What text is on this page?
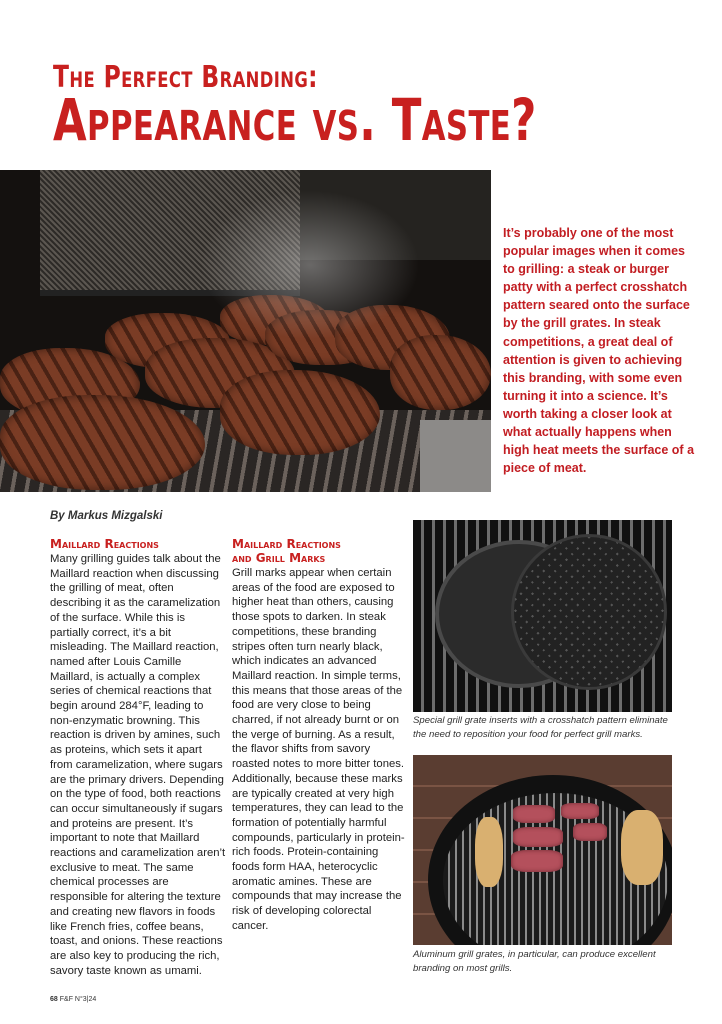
The Perfect Branding:
Appearance vs. Taste?

It’s probably one of the most popular images when it comes to grilling: a steak or burger patty with a perfect crosshatch pattern seared onto the surface by the grill grates. In steak competitions, a great deal of attention is given to achieving this branding, with some even turning it into a science. It’s worth taking a closer look at what actually happens when high heat meets the surface of a piece of meat.

By Markus Mizgalski

Maillard Reactions

Many grilling guides talk about the Maillard reaction when discussing the grilling of meat, often describing it as the caramelization of the surface. While this is partially correct, it’s a bit misleading. The Maillard reaction, named after Louis Camille Maillard, is actually a complex series of chemical reactions that begin around 284°F, leading to non-enzymatic browning. This reaction is driven by amines, such as proteins, which sets it apart from caramelization, where sugars are the primary drivers. Depending on the type of food, both reactions can occur simultaneously if sugars and proteins are present. It’s important to note that Maillard reactions and caramelization aren’t exclusive to meat. The same chemical processes are responsible for altering the texture and creating new flavors in foods like French fries, coffee beans, toast, and onions. These reactions are also key to producing the rich, savory taste known as umami.

Maillard Reactions
and Grill Marks

Grill marks appear when certain areas of the food are exposed to higher heat than others, causing those spots to darken. In steak competitions, these branding stripes often turn nearly black, which indicates an advanced Maillard reaction. In simple terms, this means that those areas of the food are very close to being charred, if not already burnt or on the verge of burning. As a result, the flavor shifts from savory roasted notes to more bitter tones. Additionally, because these marks are typically created at very high temperatures, they can lead to the formation of potentially harmful compounds, particularly in protein-rich foods. Protein-containing foods form HAA, heterocyclic aromatic amines. These are compounds that may increase the risk of developing colorectal cancer.

Special grill grate inserts with a crosshatch pattern eliminate the need to reposition your food for perfect grill marks.

Aluminum grill grates, in particular, can produce excellent branding on most grills.

68 F&F N°3|24
